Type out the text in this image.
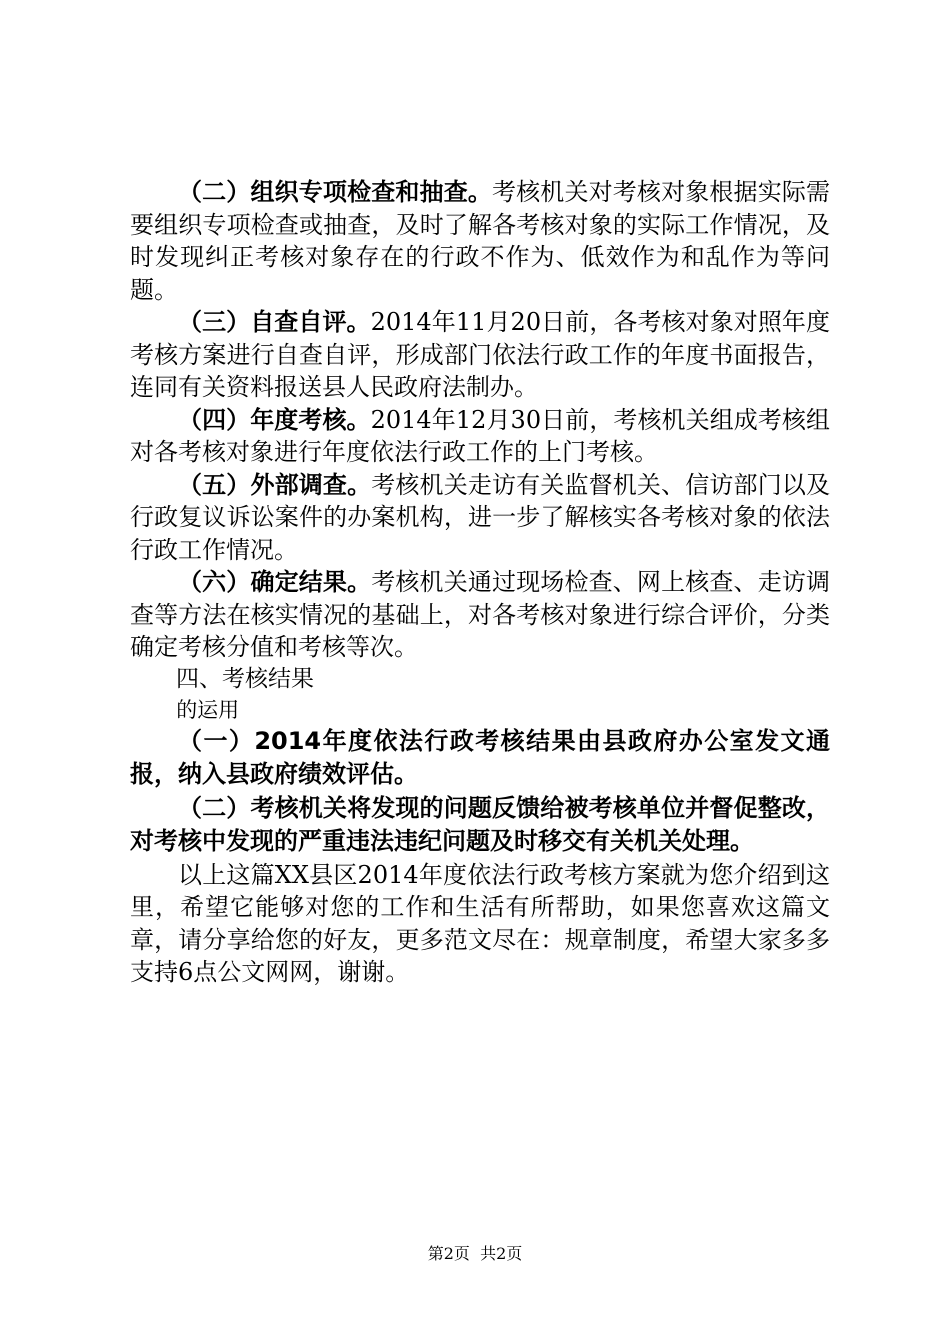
（二）组织专项检查和抽查。考核机关对考核对象根据实际需要组织专项检查或抽查，及时了解各考核对象的实际工作情况，及时发现纠正考核对象存在的行政不作为、低效作为和乱作为等问题。

（三）自查自评。2014年11月20日前，各考核对象对照年度考核方案进行自查自评，形成部门依法行政工作的年度书面报告，连同有关资料报送县人民政府法制办。

（四）年度考核。2014年12月30日前，考核机关组成考核组对各考核对象进行年度依法行政工作的上门考核。

（五）外部调查。考核机关走访有关监督机关、信访部门以及行政复议诉讼案件的办案机构，进一步了解核实各考核对象的依法行政工作情况。

（六）确定结果。考核机关通过现场检查、网上核查、走访调查等方法在核实情况的基础上，对各考核对象进行综合评价，分类确定考核分值和考核等次。

四、考核结果

的运用

（一）2014年度依法行政考核结果由县政府办公室发文通报，纳入县政府绩效评估。

（二）考核机关将发现的问题反馈给被考核单位并督促整改，对考核中发现的严重违法违纪问题及时移交有关机关处理。

以上这篇XX县区2014年度依法行政考核方案就为您介绍到这里，希望它能够对您的工作和生活有所帮助，如果您喜欢这篇文章，请分享给您的好友，更多范文尽在：规章制度，希望大家多多支持6点公文网网，谢谢。

第2页  共2页
